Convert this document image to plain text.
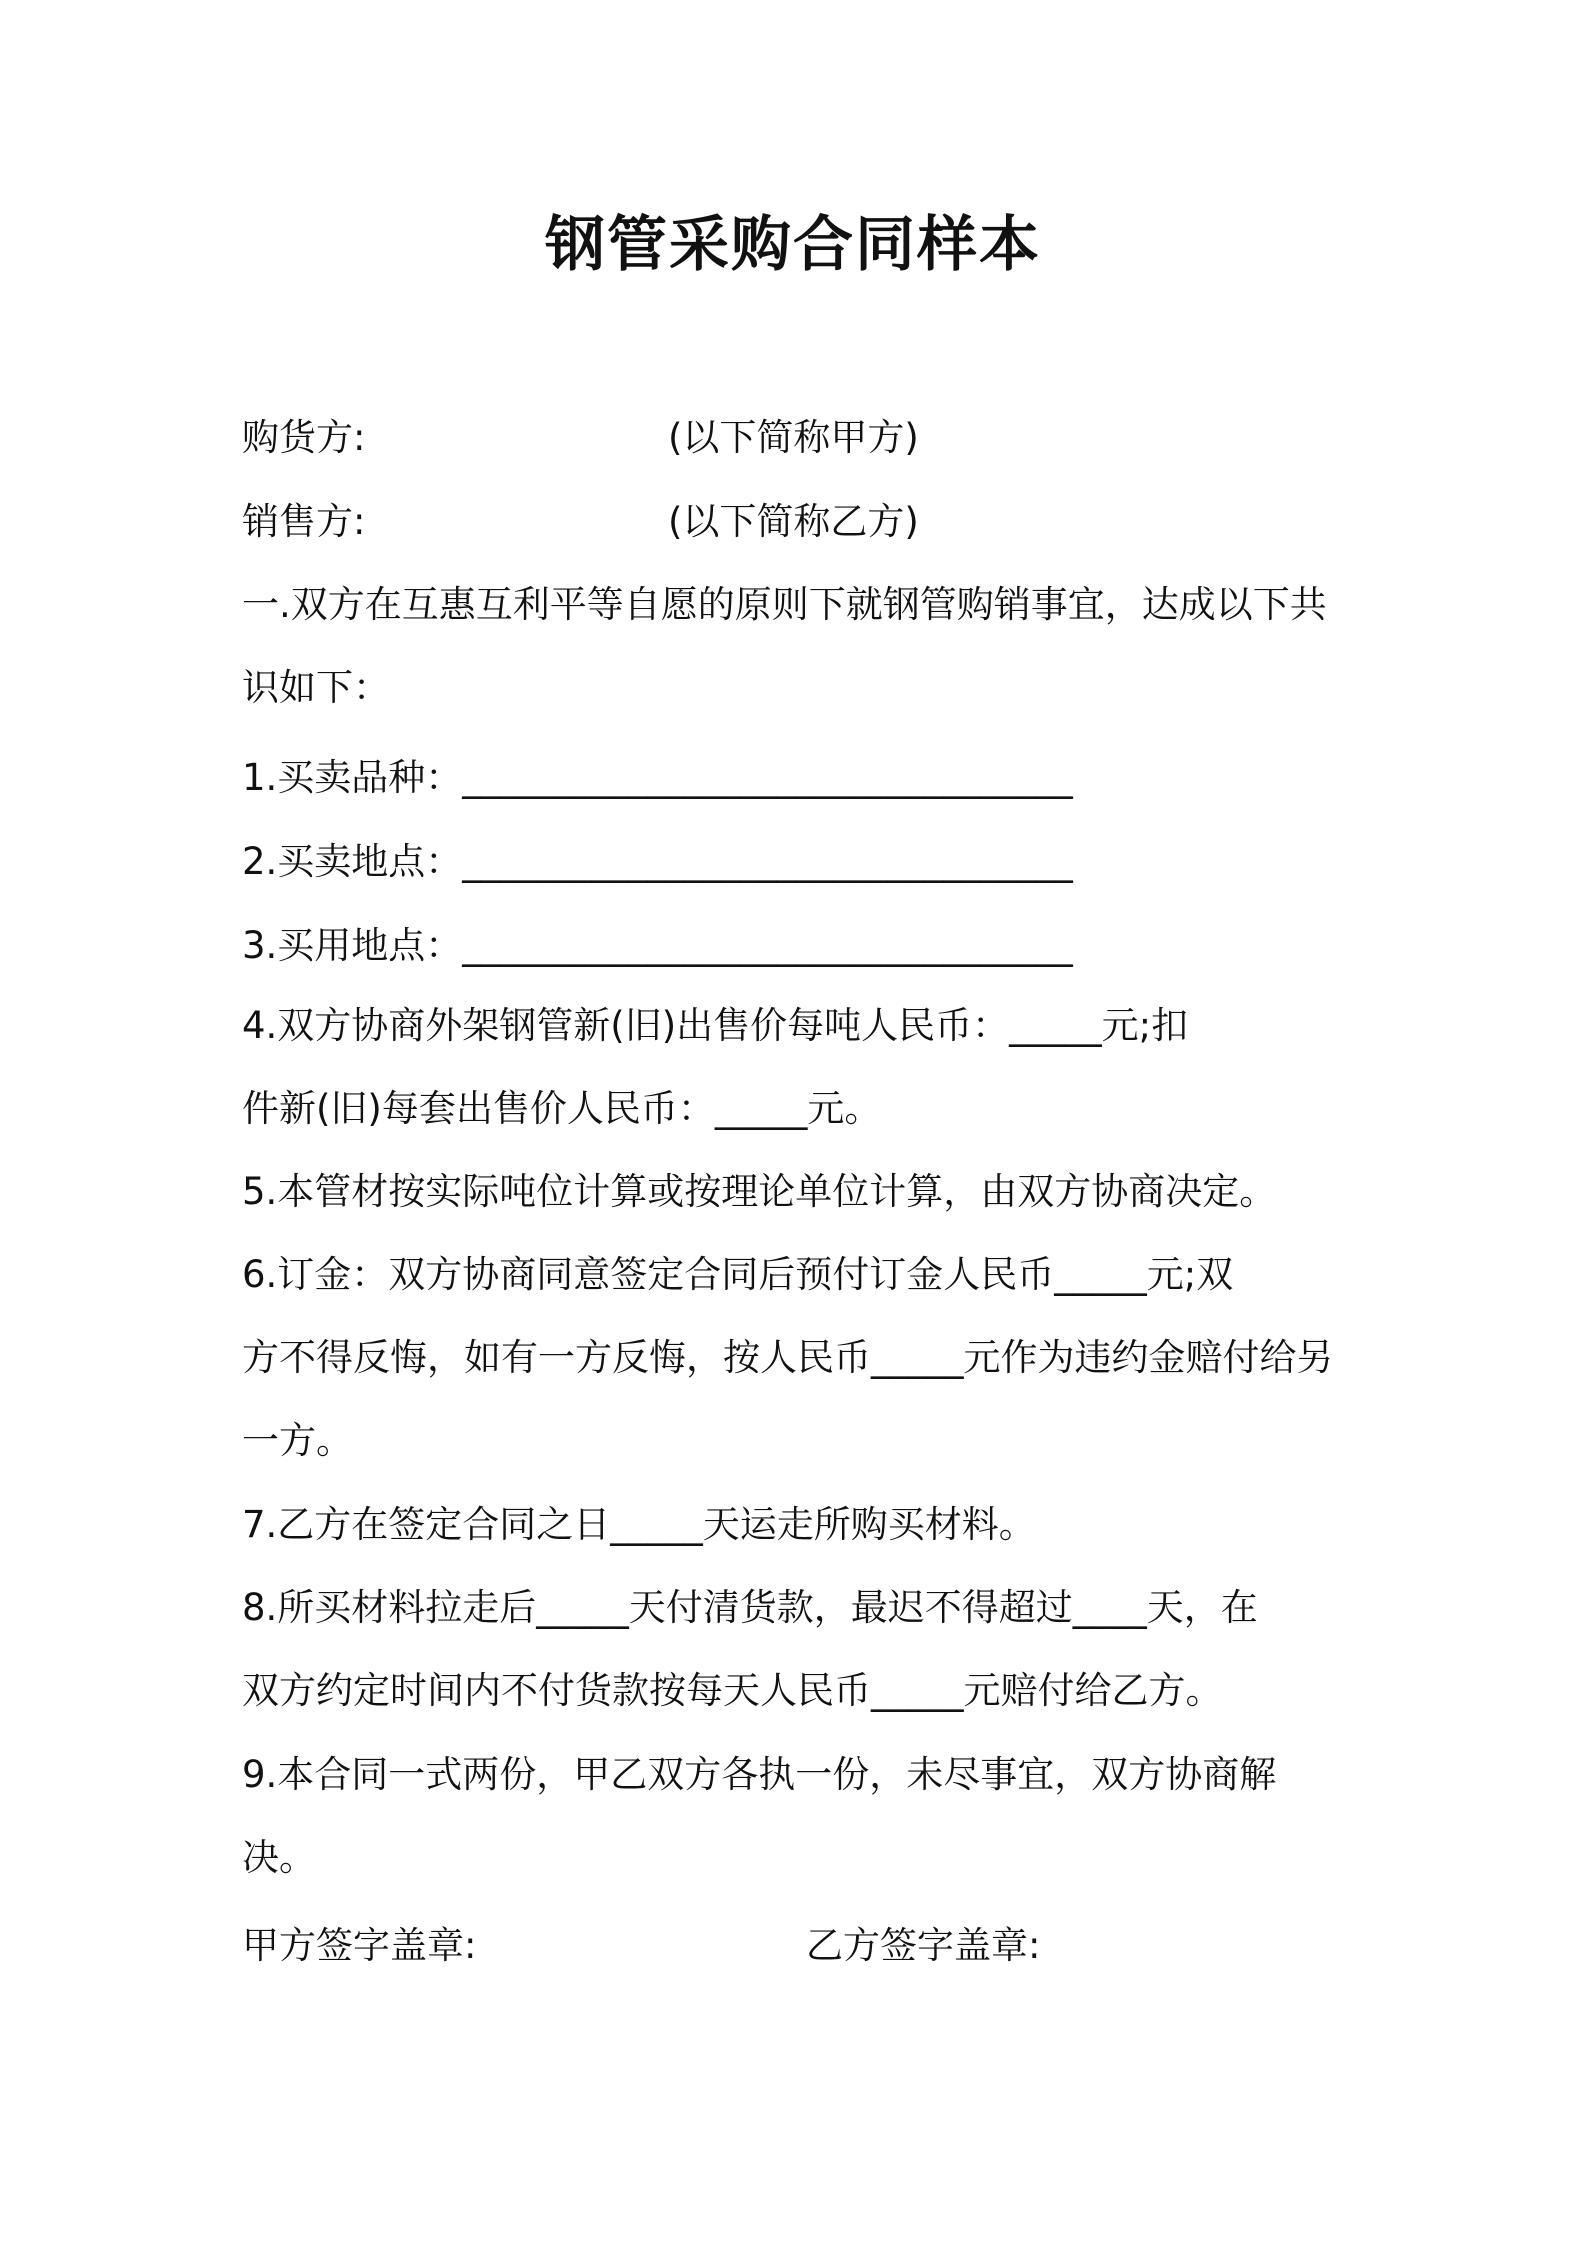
钢管采购合同样本
购货方:	(以下简称甲方)
销售方:	(以下简称乙方)
一.双方在互惠互利平等自愿的原则下就钢管购销事宜，达成以下共
识如下：
1.买卖品种：_________________________________
2.买卖地点：_________________________________
3.买用地点：_________________________________
4.双方协商外架钢管新(旧)出售价每吨人民币：_____元;扣
件新(旧)每套出售价人民币：_____元。
5.本管材按实际吨位计算或按理论单位计算，由双方协商决定。
6.订金：双方协商同意签定合同后预付订金人民币_____元;双
方不得反悔，如有一方反悔，按人民币_____元作为违约金赔付给另
一方。
7.乙方在签定合同之日_____天运走所购买材料。
8.所买材料拉走后_____天付清货款，最迟不得超过____天，在
双方约定时间内不付货款按每天人民币_____元赔付给乙方。
9.本合同一式两份，甲乙双方各执一份，未尽事宜，双方协商解
决。
甲方签字盖章:	乙方签字盖章:
